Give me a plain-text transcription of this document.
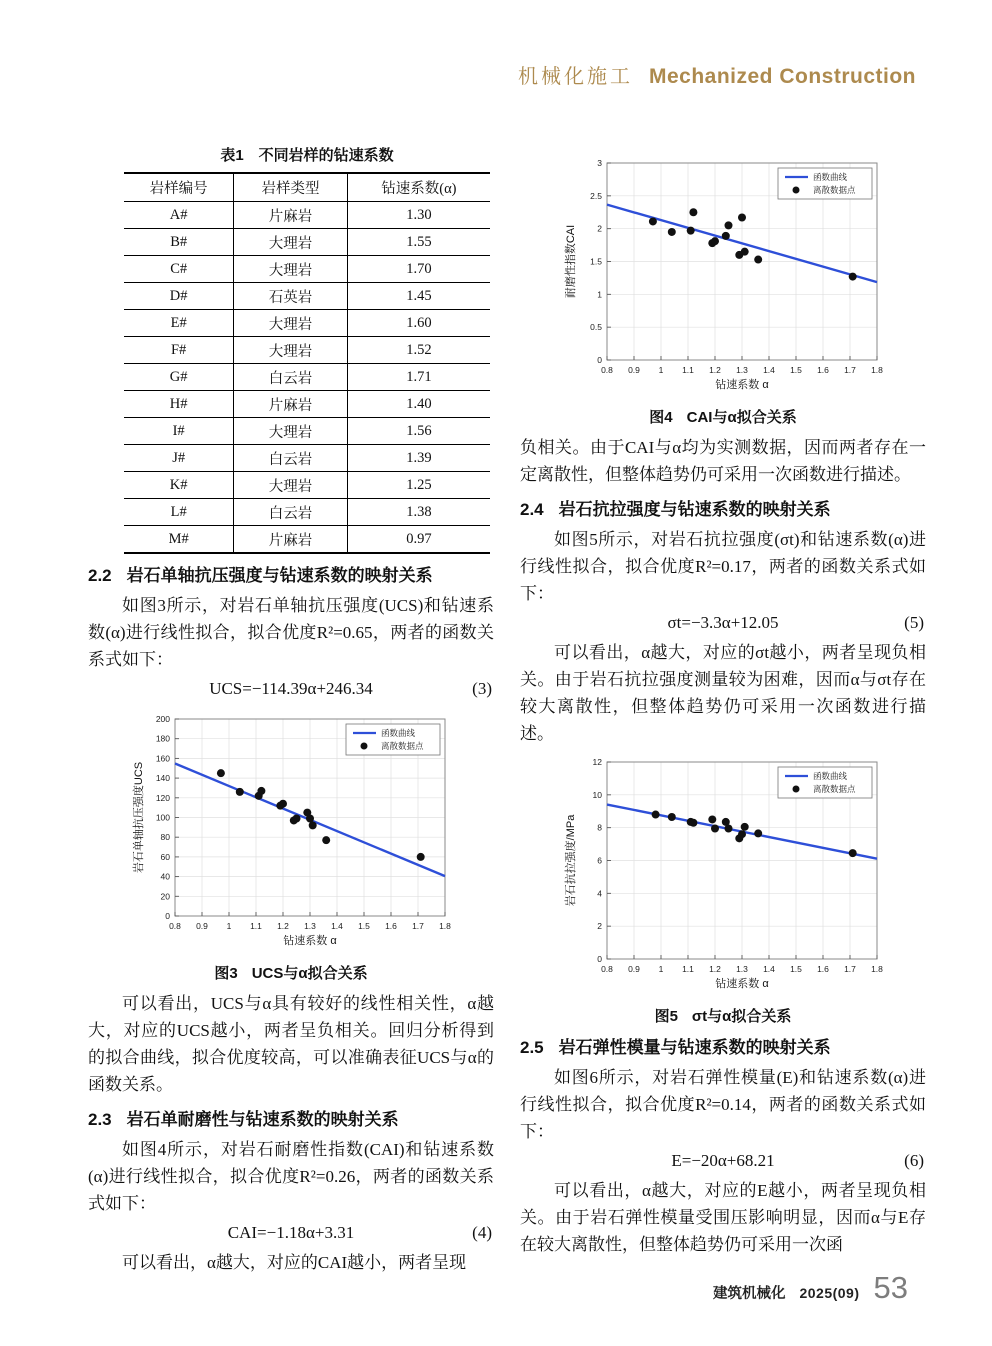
机械化施工 Mechanized Construction
表1　不同岩样的钻速系数
岩样编号	岩样类型	钻速系数(α)
A#	片麻岩	1.30
B#	大理岩	1.55
C#	大理岩	1.70
D#	石英岩	1.45
E#	大理岩	1.60
F#	大理岩	1.52
G#	白云岩	1.71
H#	片麻岩	1.40
I#	大理岩	1.56
J#	白云岩	1.39
K#	大理岩	1.25
L#	白云岩	1.38
M#	片麻岩	0.97
2.2 岩石单轴抗压强度与钻速系数的映射关系

如图3所示，对岩石单轴抗压强度(UCS)和钻速系数(α)进行线性拟合，拟合优度R²=0.65，两者的函数关系式如下：

UCS=−114.39α+246.34	(3)
0.8 0.9 1 1.1 1.2 1.3 1.4 1.5 1.6 1.7 1.8
0
20
40
60
80
100
120
140
160
180
200
函数曲线
离散数据点
钻速系数 α
岩石单轴抗压强度UCS
图3 UCS与α拟合关系

可以看出，UCS与α具有较好的线性相关性，α越大，对应的UCS越小，两者呈负相关。回归分析得到的拟合曲线，拟合优度较高，可以准确表征UCS与α的函数关系。

2.3 岩石单耐磨性与钻速系数的映射关系

如图4所示，对岩石耐磨性指数(CAI)和钻速系数(α)进行线性拟合，拟合优度R²=0.26，两者的函数关系式如下：

CAI=−1.18α+3.31	(4)

可以看出，α越大，对应的CAI越小，两者呈现

0.8 0.9 1 1.1 1.2 1.3 1.4 1.5 1.6 1.7 1.8
0
0.5
1
1.5
2
2.5
3
函数曲线
离散数据点
钻速系数 α
耐磨性指数CAI
图4 CAI与α拟合关系

负相关。由于CAI与α均为实测数据，因而两者存在一定离散性，但整体趋势仍可采用一次函数进行描述。

2.4 岩石抗拉强度与钻速系数的映射关系

如图5所示，对岩石抗拉强度(σt)和钻速系数(α)进行线性拟合，拟合优度R²=0.17，两者的函数关系式如下：

σt=−3.3α+12.05	(5)

可以看出，α越大，对应的σt越小，两者呈现负相关。由于岩石抗拉强度测量较为困难，因而α与σt存在较大离散性，但整体趋势仍可采用一次函数进行描述。

0.8 0.9 1 1.1 1.2 1.3 1.4 1.5 1.6 1.7 1.8
0
2
4
6
8
10
12
函数曲线
离散数据点
钻速系数 α
岩石抗拉强度/MPa
图5 σt与α拟合关系
2.5 岩石弹性模量与钻速系数的映射关系

如图6所示，对岩石弹性模量(E)和钻速系数(α)进行线性拟合，拟合优度R²=0.14，两者的函数关系式如下：

E=−20α+68.21	(6)

可以看出，α越大，对应的E越小，两者呈现负相关。由于岩石弹性模量受围压影响明显，因而α与E存在较大离散性，但整体趋势仍可采用一次函

建筑机械化 2025(09) 53
